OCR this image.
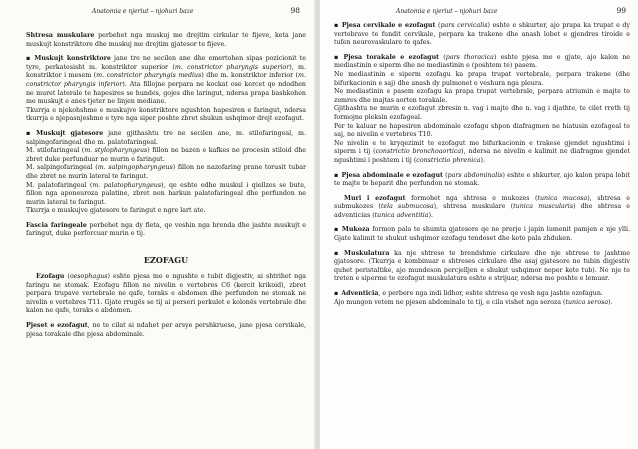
Anatomia e njeriut – njohuri baze	98

Shtresa muskulare perbehet nga muskuj me drejtim cirkular te fijeve, keta jane muskujt konstriktore dhe muskuj me drejtim gjatesor te fijeve.

▪ Muskujt konstriktore jane tre ne secilen ane dhe emertohen sipas pozicionit te tyre, perkatesisht m. konstriktor superior (m. constrictor pharyngis superior), m. konstriktor i mesem (m. constrictor pharyngis medius) dhe m. konstriktor inferior (m. constrictor pharyngis inferior). Ata fillojne perpara ne kockat ose kercet qe ndodhen ne muret laterale te hapesires se hundes, gojes dhe laringut, ndersa prapa bashkohen me muskujt e anes tjeter ne linjen mediane.
Tkurrja e njekohshme e muskujve konstriktore ngushton hapesiren e faringut, ndersa tkurrja e njepasnjeshme e tyre nga siper poshte zbret shukun ushqimor drejt ezofagut.

▪ Muskujt gjatesore jane gjithashtu tre ne secilen ane, m. stilofaringeal, m. salpingofaringeal dhe m. palatofaringeal.
M. stilofaringeal (m. stylopharyngeus) fillon ne bazen e kafkes ne procesin stiloid dhe zbret duke perfunduar ne murin e faringut.
M. salpingofaringeal (m. salpingopharyngeus) fillon ne nazofaring prane torusit tubar dhe zbret ne murin lateral te faringut.
M. palatofaringeal (m. palatopharyngeus), qe eshte edhe muskul i qiellzes se bute, fillon nga aponeuroza palatine, zbret nen harkun palatofaringeal dhe perfundon ne murin lateral te faringut.
Tkurrja e muskujve gjatesore te faringut e ngre lart ate.

Fascia faringeale perbehet nga dy fleta, qe veshin nga brenda dhe jashte muskujt e faringut, duke perforcuar murin e tij.

EZOFAGU

Ezofagu (oesophagus) eshte pjesa me e ngushte e tubit digjestiv, ai shtrihet nga faringu ne stomak. Ezofagu fillon ne nivelin e vertebres C6 (kercit krikoid), zbret perpara trupave vertebrale ne qafe, toraks e abdomen dhe perfundon ne stomak ne nivelin e vertebres T11. Gjate rrugës se tij ai perseri perkulet e kolonës vertebrale dhe kalon ne qafe, toraks e abdomen.

Pjeset e ezofagut, ne te cilat ai ndahet per arsye pershkruese, jane pjesa cervikale, pjesa torakale dhe pjesa abdominale.

Anatomia e njeriut – njohuri baze	99

▪ Pjesa cervikale e ezofagut (pars cervicalis) eshte e shkurter, ajo prapa ka trupat e dy vertebrave te fundit cervikale, perpara ka trakene dhe anash lobet e gjendres tiroide e tufen neurovaskulare te qafes.

▪ Pjesa torakale e ezofagut (pars thoracica) eshte pjesa me e gjate, ajo kalon ne mediastinin e siperm dhe ne mediastinin e (poshtem te) pasem.
Ne mediastinin e siperm ezofagu ka prapa trupat vertebrale, perpara trakene (dhe bifurkacionin e saj) dhe anash dy pulmonet e veshura nga pleura.
Ne mediastinin e pasem ezofagu ka prapa trupat vertebrale, perpara atriumin e majte te zemres dhe majtas aorten torakale.
Gjithashtu ne murin e ezofagut zbresin n. vag i majte dhe n. vag i djathte, te cilet rreth tij formojne pleksin ezofageal.
Per te kaluar ne hapesiren abdominale ezofagu shpon diafragmen ne hiatusin ezofageal te saj, ne nivelin e vertebres T10.
Ne nivelin e te kryqezimit te ezofagut me bifurkacionin e trakese gjendet ngushtimi i siperm i tij (constrictio bronchoaortica), ndersa ne nivelin e kalimit ne diafragme gjendet ngushtimi i poshtem i tij (constrictio phrenica).

▪ Pjesa abdominale e ezofagut (pars abdominalis) eshte e shkurter, ajo kalon prapa lobit te majte te heparit dhe perfundon ne stomak.

Muri i ezofagut formohet nga shtresa e mukozes (tunica mucosa), shtresa e submukozes (tela submucosa), shtresa muskulare (tunica muscularis) dhe shtresa e adventicias (tunica adventitia).

▪ Mukoza formon pala te shumta gjatesore qe ne prerje i japin lumenit pamjen e nje ylli. Gjate kalimit te shukut ushqimor ezofagu tendoset dhe keto pala zhduken.

▪ Muskulatura ka nje shtrese te brendshme cirkulare dhe nje shtrese te jashtme gjatesore. (Tkurrja e kombinuar e shtreses cirkulare dhe asaj gjatesore ne tubin digjestiv quhet peristaltike, ajo mundeson percjelljen e shukut ushqimor neper kete tub). Ne nje te treten e siperme te ezofagut muskulatura eshte e strijuar, ndersa me poshte e lemuar.

▪ Adventicia, e perbere nga indi lidhor, eshte shtresa qe vesh nga jashte ezofagun.
Ajo mungon vetem ne pjesen abdominale te tij, e cila vishet nga seroza (tunica serosa).
